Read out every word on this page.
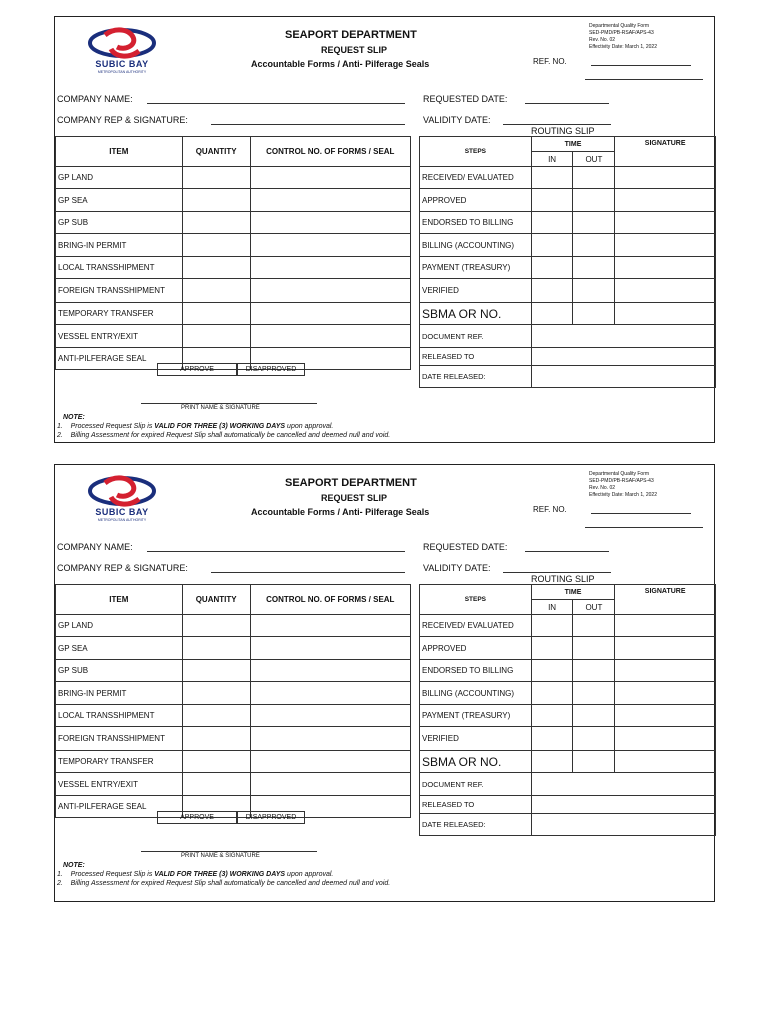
SUBIC BAY
METROPOLITAN AUTHORITY
SEAPORT DEPARTMENT
REQUEST SLIP
Accountable Forms / Anti- Pilferage Seals
Departmental Quality Form
SED-PMD/PB-RSAF/APS-43
Rev. No. 02
Effectivity Date: March 1, 2022
REF. NO.
COMPANY NAME:
COMPANY REP & SIGNATURE:
REQUESTED DATE:
VALIDITY DATE:
ROUTING SLIP
ITEM	QUANTITY	CONTROL NO. OF FORMS / SEAL
GP LAND		
GP SEA		
GP SUB		
BRING-IN PERMIT		
LOCAL TRANSSHIPMENT		
FOREIGN TRANSSHIPMENT		
TEMPORARY TRANSFER		
VESSEL ENTRY/EXIT		
ANTI-PILFERAGE SEAL		
STEPS	TIME		SIGNATURE
	IN	OUT	
RECEIVED/ EVALUATED			
APPROVED			
ENDORSED TO BILLING			
BILLING (ACCOUNTING)			
PAYMENT (TREASURY)			
VERIFIED			
SBMA OR NO.			
DOCUMENT REF.			
RELEASED TO			
DATE RELEASED:			
APPROVE	DISAPPROVED
PRINT NAME & SIGNATURE
NOTE:
1. Processed Request Slip is VALID FOR THREE (3) WORKING DAYS upon approval.
2. Billing Assessment for expired Request Slip shall automatically be cancelled and deemed null and void.
SUBIC BAY
METROPOLITAN AUTHORITY
SEAPORT DEPARTMENT
REQUEST SLIP
Accountable Forms / Anti- Pilferage Seals
Departmental Quality Form
SED-PMD/PB-RSAF/APS-43
Rev. No. 02
Effectivity Date: March 1, 2022
REF. NO.
COMPANY NAME:
COMPANY REP & SIGNATURE:
REQUESTED DATE:
VALIDITY DATE:
ROUTING SLIP
ITEM	QUANTITY	CONTROL NO. OF FORMS / SEAL
GP LAND		
GP SEA		
GP SUB		
BRING-IN PERMIT		
LOCAL TRANSSHIPMENT		
FOREIGN TRANSSHIPMENT		
TEMPORARY TRANSFER		
VESSEL ENTRY/EXIT		
ANTI-PILFERAGE SEAL		
STEPS	TIME		SIGNATURE
	IN	OUT	
RECEIVED/ EVALUATED			
APPROVED			
ENDORSED TO BILLING			
BILLING (ACCOUNTING)			
PAYMENT (TREASURY)			
VERIFIED			
SBMA OR NO.			
DOCUMENT REF.			
RELEASED TO			
DATE RELEASED:			
APPROVE	DISAPPROVED
PRINT NAME & SIGNATURE
NOTE:
1. Processed Request Slip is VALID FOR THREE (3) WORKING DAYS upon approval.
2. Billing Assessment for expired Request Slip shall automatically be cancelled and deemed null and void.
